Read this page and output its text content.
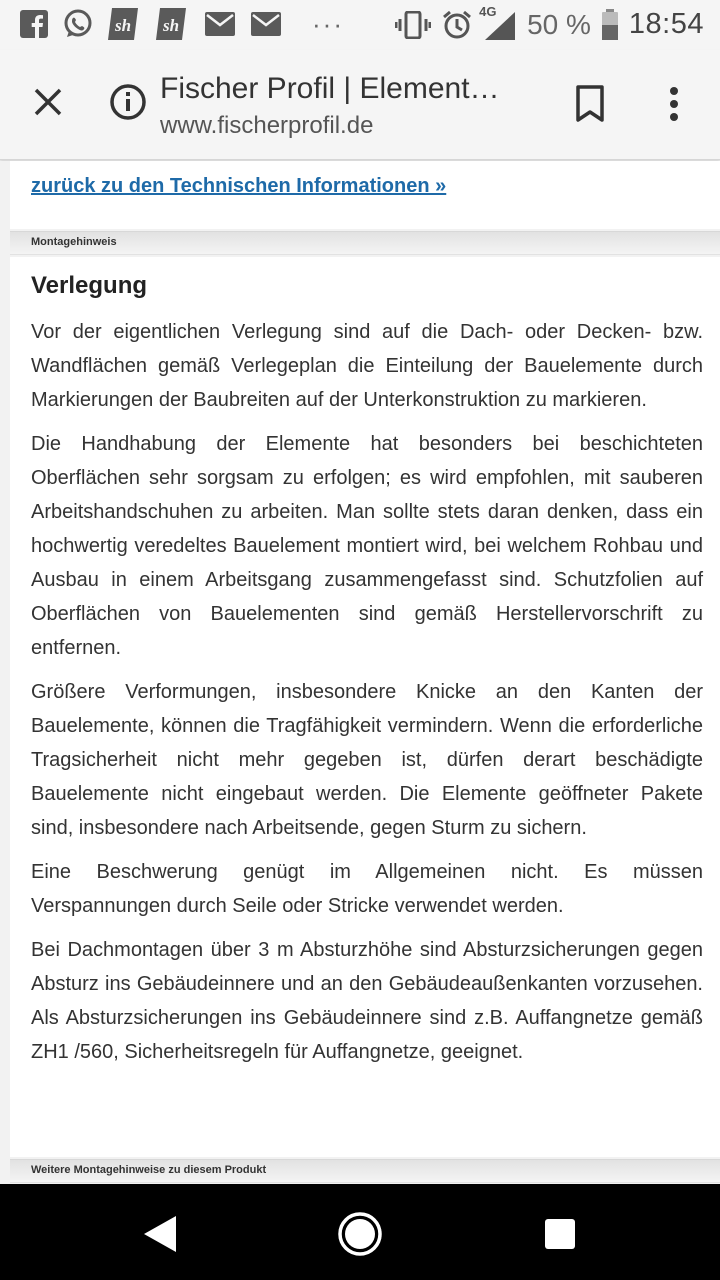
sh sh	···	4G 50 % 18:54
Fischer Profil | Element…
www.fischerprofil.de
zurück zu den Technischen Informationen »
Montagehinweis
Verlegung

Vor der eigentlichen Verlegung sind auf die Dach- oder Decken- bzw. Wandflächen gemäß Verlegeplan die Einteilung der Bauelemente durch Markierungen der Baubreiten auf der Unterkonstruktion zu markieren.

Die Handhabung der Elemente hat besonders bei beschichteten Oberflächen sehr sorgsam zu erfolgen; es wird empfohlen, mit sauberen Arbeitshandschuhen zu arbeiten. Man sollte stets daran denken, dass ein hochwertig veredeltes Bauelement montiert wird, bei welchem Rohbau und Ausbau in einem Arbeitsgang zusammengefasst sind. Schutzfolien auf Oberflächen von Bauelementen sind gemäß Herstellervorschrift zu entfernen.

Größere Verformungen, insbesondere Knicke an den Kanten der Bauelemente, können die Tragfähigkeit vermindern. Wenn die erforderliche Tragsicherheit nicht mehr gegeben ist, dürfen derart beschädigte Bauelemente nicht eingebaut werden. Die Elemente geöffneter Pakete sind, insbesondere nach Arbeitsende, gegen Sturm zu sichern.

Eine Beschwerung genügt im Allgemeinen nicht. Es müssen Verspannungen durch Seile oder Stricke verwendet werden.

Bei Dachmontagen über 3 m Absturzhöhe sind Absturzsicherungen gegen Absturz ins Gebäudeinnere und an den Gebäudeaußenkanten vorzusehen. Als Absturzsicherungen ins Gebäudeinnere sind z.B. Auffangnetze gemäß ZH1 /560, Sicherheitsregeln für Auffangnetze, geeignet.

Weitere Montagehinweise zu diesem Produkt
